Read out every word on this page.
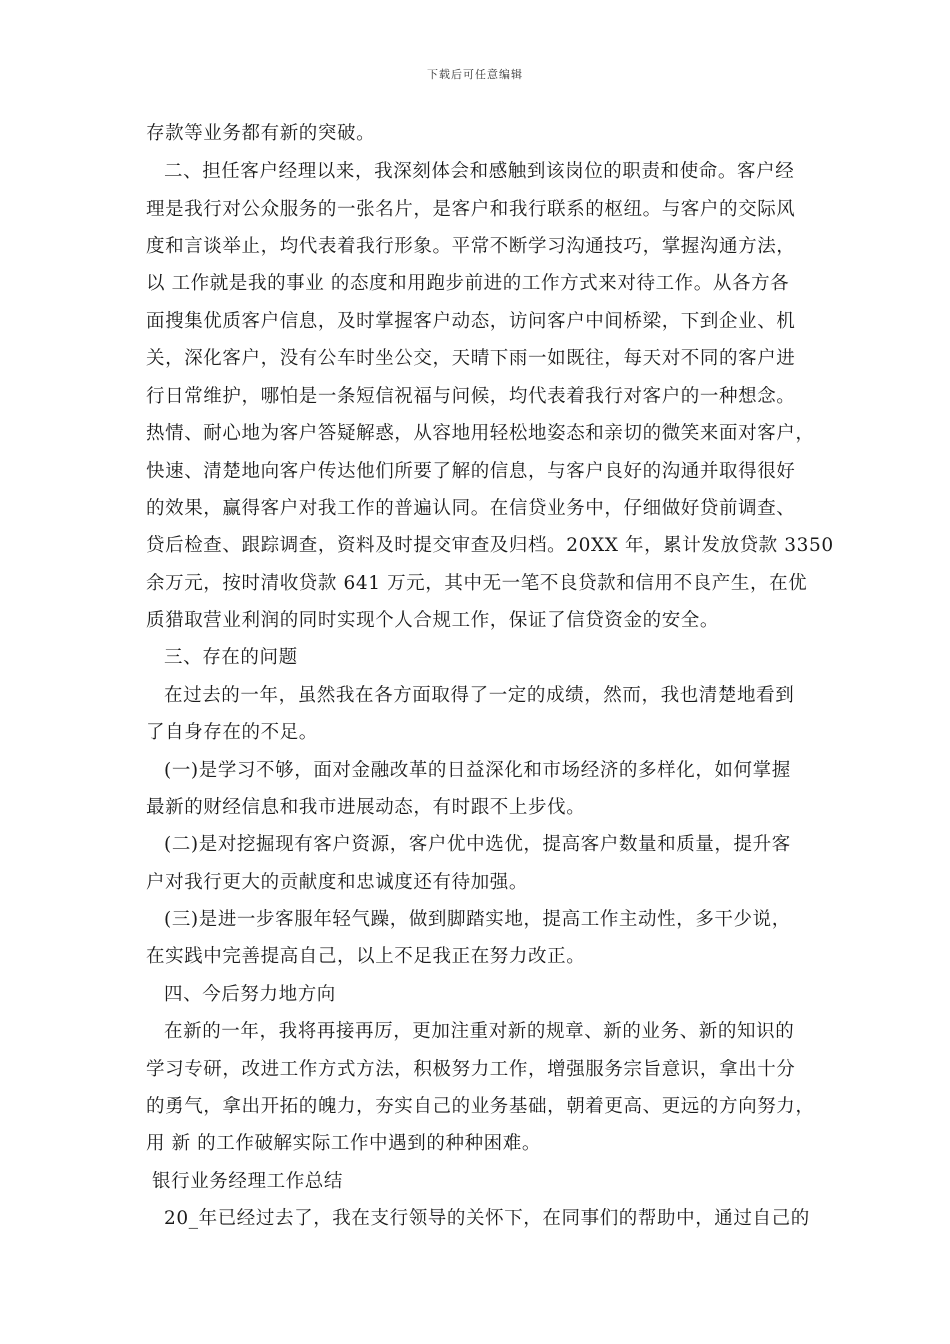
下载后可任意编辑
存款等业务都有新的突破。
二、担任客户经理以来，我深刻体会和感触到该岗位的职责和使命。客户经
理是我行对公众服务的一张名片，是客户和我行联系的枢纽。与客户的交际风
度和言谈举止，均代表着我行形象。平常不断学习沟通技巧，掌握沟通方法，
以 工作就是我的事业 的态度和用跑步前进的工作方式来对待工作。从各方各
面搜集优质客户信息，及时掌握客户动态，访问客户中间桥梁，下到企业、机
关，深化客户，没有公车时坐公交，天晴下雨一如既往，每天对不同的客户进
行日常维护，哪怕是一条短信祝福与问候，均代表着我行对客户的一种想念。
热情、耐心地为客户答疑解惑，从容地用轻松地姿态和亲切的微笑来面对客户，
快速、清楚地向客户传达他们所要了解的信息，与客户良好的沟通并取得很好
的效果，赢得客户对我工作的普遍认同。在信贷业务中，仔细做好贷前调查、
贷后检查、跟踪调查，资料及时提交审查及归档。20XX 年，累计发放贷款 3350
余万元，按时清收贷款 641 万元，其中无一笔不良贷款和信用不良产生，在优
质猎取营业利润的同时实现个人合规工作，保证了信贷资金的安全。
三、存在的问题
在过去的一年，虽然我在各方面取得了一定的成绩，然而，我也清楚地看到
了自身存在的不足。
(一)是学习不够，面对金融改革的日益深化和市场经济的多样化，如何掌握
最新的财经信息和我市进展动态，有时跟不上步伐。
(二)是对挖掘现有客户资源，客户优中选优，提高客户数量和质量，提升客
户对我行更大的贡献度和忠诚度还有待加强。
(三)是进一步客服年轻气躁，做到脚踏实地，提高工作主动性，多干少说，
在实践中完善提高自己，以上不足我正在努力改正。
四、今后努力地方向
在新的一年，我将再接再厉，更加注重对新的规章、新的业务、新的知识的
学习专研，改进工作方式方法，积极努力工作，增强服务宗旨意识，拿出十分
的勇气，拿出开拓的魄力，夯实自己的业务基础，朝着更高、更远的方向努力，
用 新 的工作破解实际工作中遇到的种种困难。
银行业务经理工作总结
20_年已经过去了，我在支行领导的关怀下，在同事们的帮助中，通过自己的
